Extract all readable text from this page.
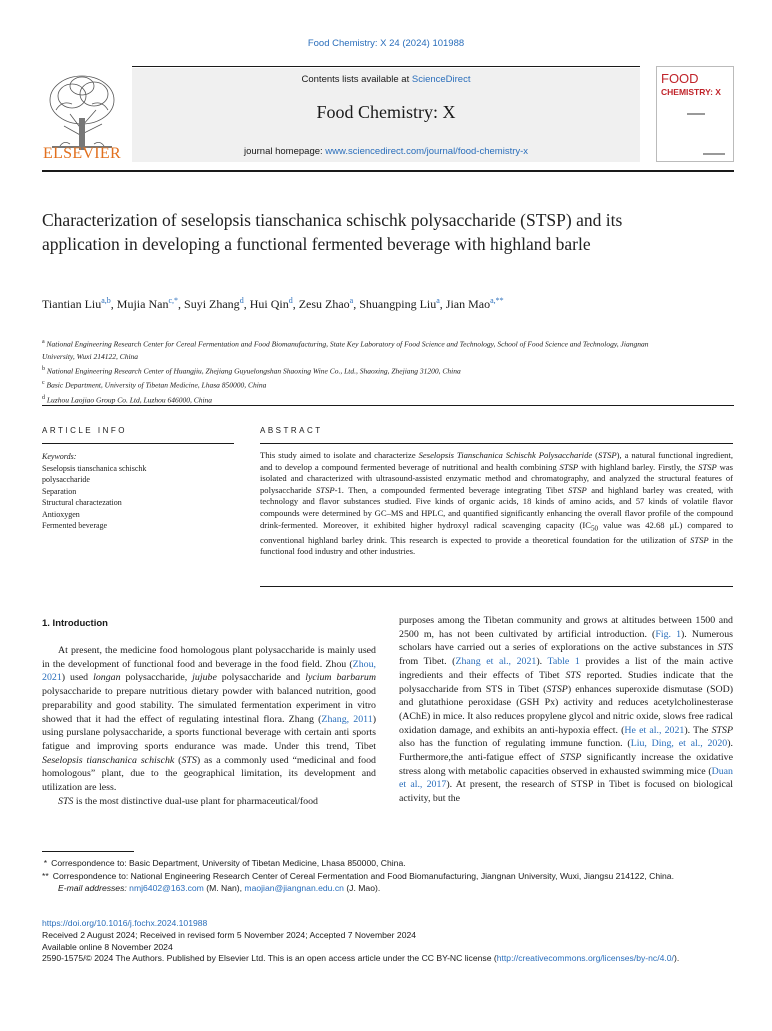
Food Chemistry: X 24 (2024) 101988
ELSEVIER
Contents lists available at ScienceDirect
Food Chemistry: X
journal homepage: www.sciencedirect.com/journal/food-chemistry-x
FOOD
CHEMISTRY: X
Characterization of seselopsis tianschanica schischk polysaccharide (STSP) and its application in developing a functional fermented beverage with highland barle
Tiantian Liu$^{a,b}$, Mujia Nan$^{c,*}$, Suyi Zhang$^d$, Hui Qin$^d$, Zesu Zhao$^a$, Shuangping Liu$^a$, Jian Mao$^{a,**}$
$^a$ National Engineering Research Center for Cereal Fermentation and Food Biomanufacturing, State Key Laboratory of Food Science and Technology, School of Food Science and Technology, Jiangnan University, Wuxi 214122, China
$^b$ National Engineering Research Center of Huangjiu, Zhejiang Guyuelongshan Shaoxing Wine Co., Ltd., Shaoxing, Zhejiang 31200, China
$^c$ Basic Department, University of Tibetan Medicine, Lhasa 850000, China
$^d$ Luzhou Laojiao Group Co. Ltd, Luzhou 646000, China
ARTICLE INFO
Keywords:
Seselopsis tianschanica schischk
polysaccharide
Separation
Structural charactezation
Antioxygen
Fermented beverage
ABSTRACT
This study aimed to isolate and characterize Seselopsis Tianschanica Schischk Polysaccharide (STSP), a natural functional ingredient, and to develop a compound fermented beverage of nutritional and health combining STSP with highland barley. Firstly, the STSP was isolated and characterized with ultrasound-assisted enzymatic method and chromatography, and analyzed the structural features of polysaccharide STSP-1. Then, a compounded fermented beverage integrating Tibet STSP and highland barley was created, with technology and flavor substances studied. Five kinds of organic acids, 18 kinds of amino acids, and 57 kinds of volatile flavor compounds were determined by GC–MS and HPLC, and quantified significantly enhancing the overall flavor profile of the compound drink-fermented. Moreover, it exhibited higher hydroxyl radical scavenging capacity ($IC_{50}$ value was 42.68 μL) compared to conventional highland barley drink. This research is expected to provide a theoretical foundation for the utilization of STSP in the functional food industry and other industries.
1. Introduction

At present, the medicine food homologous plant polysaccharide is mainly used in the development of functional food and beverage in the food field. Zhou (Zhou, 2021) used longan polysaccharide, jujube polysaccharide and lycium barbarum polysaccharide to prepare nutritious dietary powder with balanced nutrition, good preparability and good stability. The simulated fermentation experiment in vitro showed that it had the effect of regulating intestinal flora. Zhang (Zhang, 2011) using purslane polysaccharide, a sports functional beverage with certain anti sports fatigue and improving sports endurance was made. Under this trend, Tibet Seselopsis tianschanica schischk (STS) as a commonly used “medicinal and food homologous” plant, due to the geographical limitation, its development and utilization are less.

STS is the most distinctive dual-use plant for pharmaceutical/food

purposes among the Tibetan community and grows at altitudes between 1500 and 2500 m, has not been cultivated by artificial introduction. (Fig. 1). Numerous scholars have carried out a series of explorations on the active substances in STS from Tibet. (Zhang et al., 2021). Table 1 provides a list of the main active ingredients and their effects of Tibet STS reported. Studies indicate that the polysaccharide from STS in Tibet (STSP) enhances superoxide dismutase (SOD) and glutathione peroxidase (GSH Px) activity and reduces acetylcholinesterase (AChE) in mice. It also reduces propylene glycol and nitric oxide, slows free radical oxidation damage, and exhibits an anti-hypoxia effect. (He et al., 2021). The STSP also has the function of regulating immune function. (Liu, Ding, et al., 2020). Furthermore,the anti-fatigue effect of STSP significantly increase the oxidative stress along with metabolic capacities observed in exhausted swimming mice (Duan et al., 2017). At present, the research of STSP in Tibet is focused on biological activity, but the

 *  Correspondence to: Basic Department, University of Tibetan Medicine, Lhasa 850000, China.
**  Correspondence to: National Engineering Research Center of Cereal Fermentation and Food Biomanufacturing, Jiangnan University, Wuxi, Jiangsu 214122, China.
E-mail addresses: nmj6402@163.com (M. Nan), maojian@jiangnan.edu.cn (J. Mao).
https://doi.org/10.1016/j.fochx.2024.101988
Received 2 August 2024; Received in revised form 5 November 2024; Accepted 7 November 2024
Available online 8 November 2024
2590-1575/© 2024 The Authors. Published by Elsevier Ltd. This is an open access article under the CC BY-NC license (http://creativecommons.org/licenses/by-nc/4.0/).
